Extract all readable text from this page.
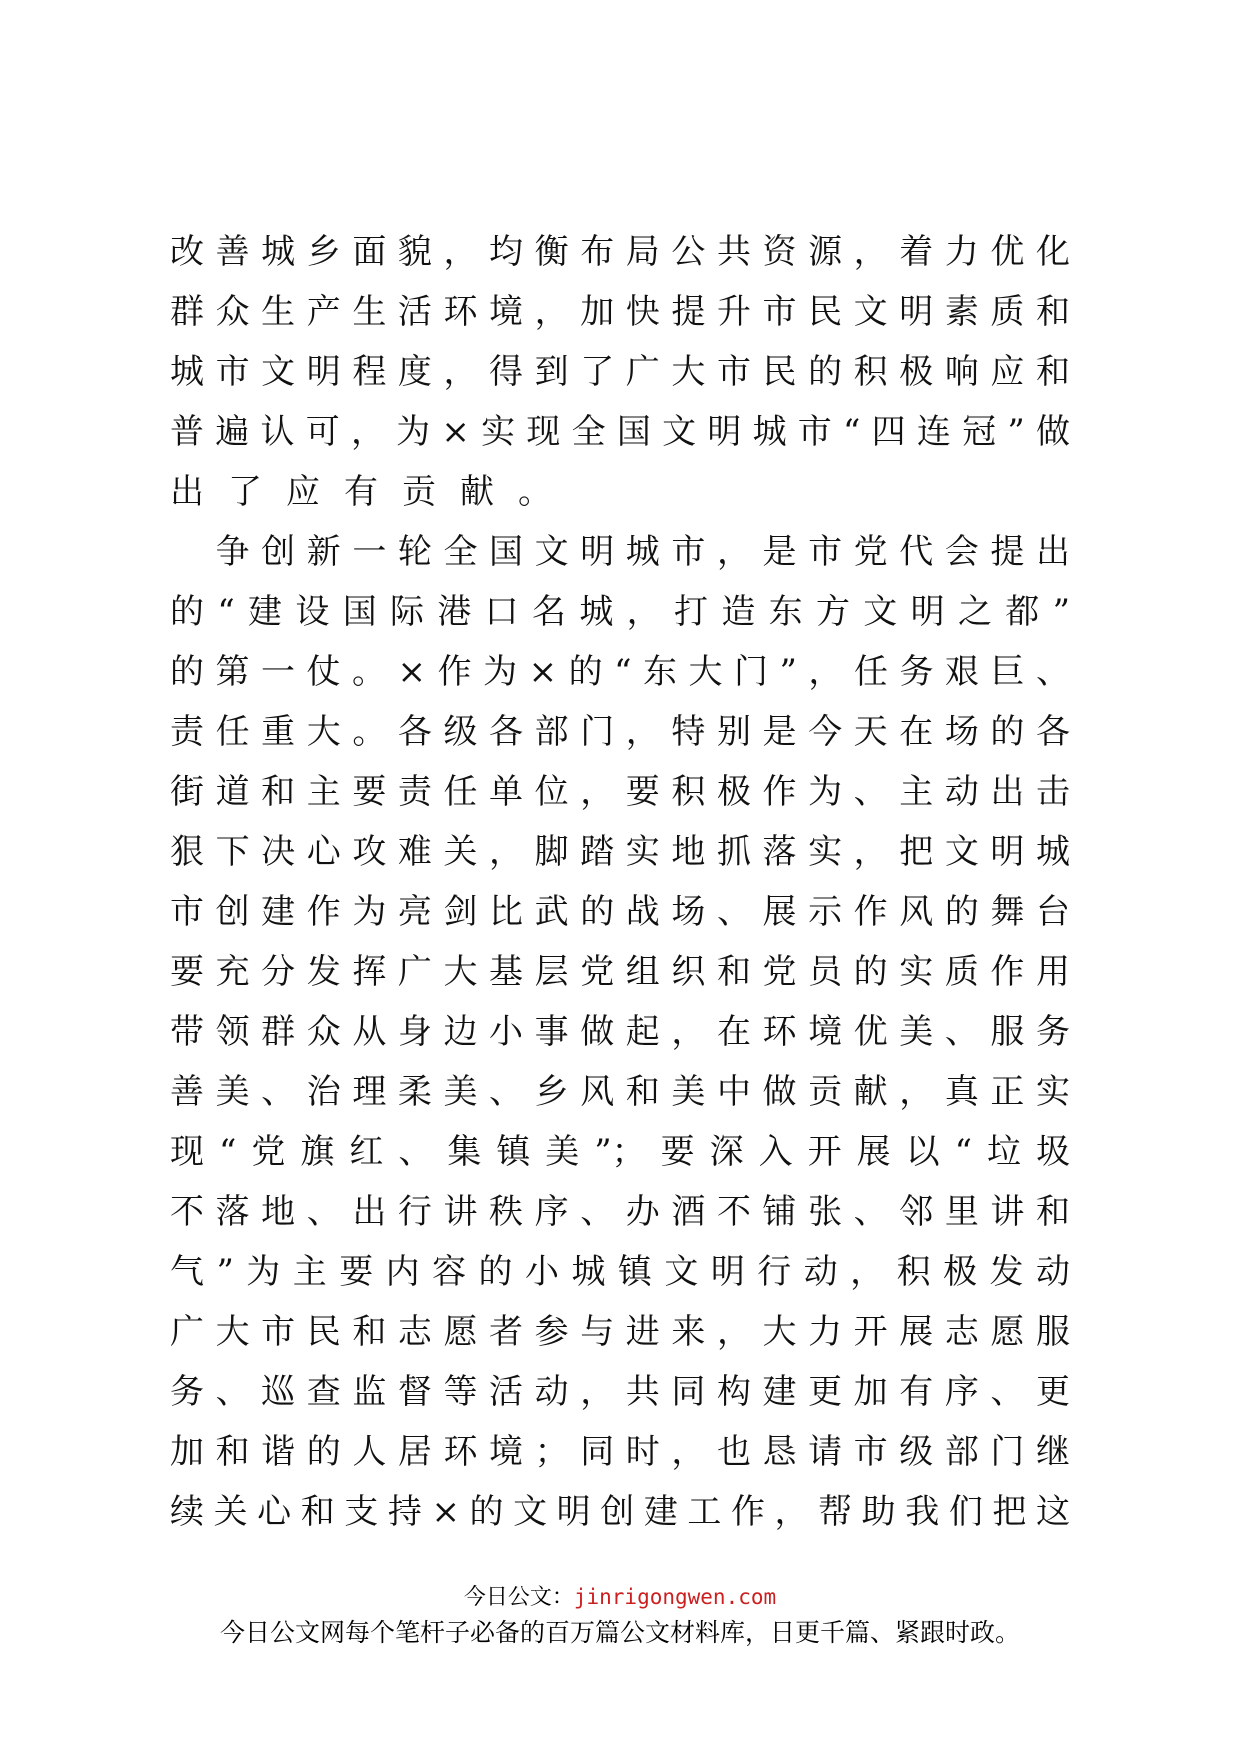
改善城乡面貌，均衡布局公共资源，着力优化
群众生产生活环境，加快提升市民文明素质和
城市文明程度，得到了广大市民的积极响应和
普遍认可，为×实现全国文明城市“四连冠”做
出了应有贡献。
　争创新一轮全国文明城市，是市党代会提出
的“建设国际港口名城，打造东方文明之都”
的第一仗。×作为×的“东大门”，任务艰巨、
责任重大。各级各部门，特别是今天在场的各
街道和主要责任单位，要积极作为、主动出击
狠下决心攻难关，脚踏实地抓落实，把文明城
市创建作为亮剑比武的战场、展示作风的舞台
要充分发挥广大基层党组织和党员的实质作用
带领群众从身边小事做起，在环境优美、服务
善美、治理柔美、乡风和美中做贡献，真正实
现“党旗红、集镇美”；要深入开展以“垃圾
不落地、出行讲秩序、办酒不铺张、邻里讲和
气”为主要内容的小城镇文明行动，积极发动
广大市民和志愿者参与进来，大力开展志愿服
务、巡查监督等活动，共同构建更加有序、更
加和谐的人居环境；同时，也恳请市级部门继
续关心和支持×的文明创建工作，帮助我们把这
今日公文：jinrigongwen.com
今日公文网每个笔杆子必备的百万篇公文材料库，日更千篇、紧跟时政。
